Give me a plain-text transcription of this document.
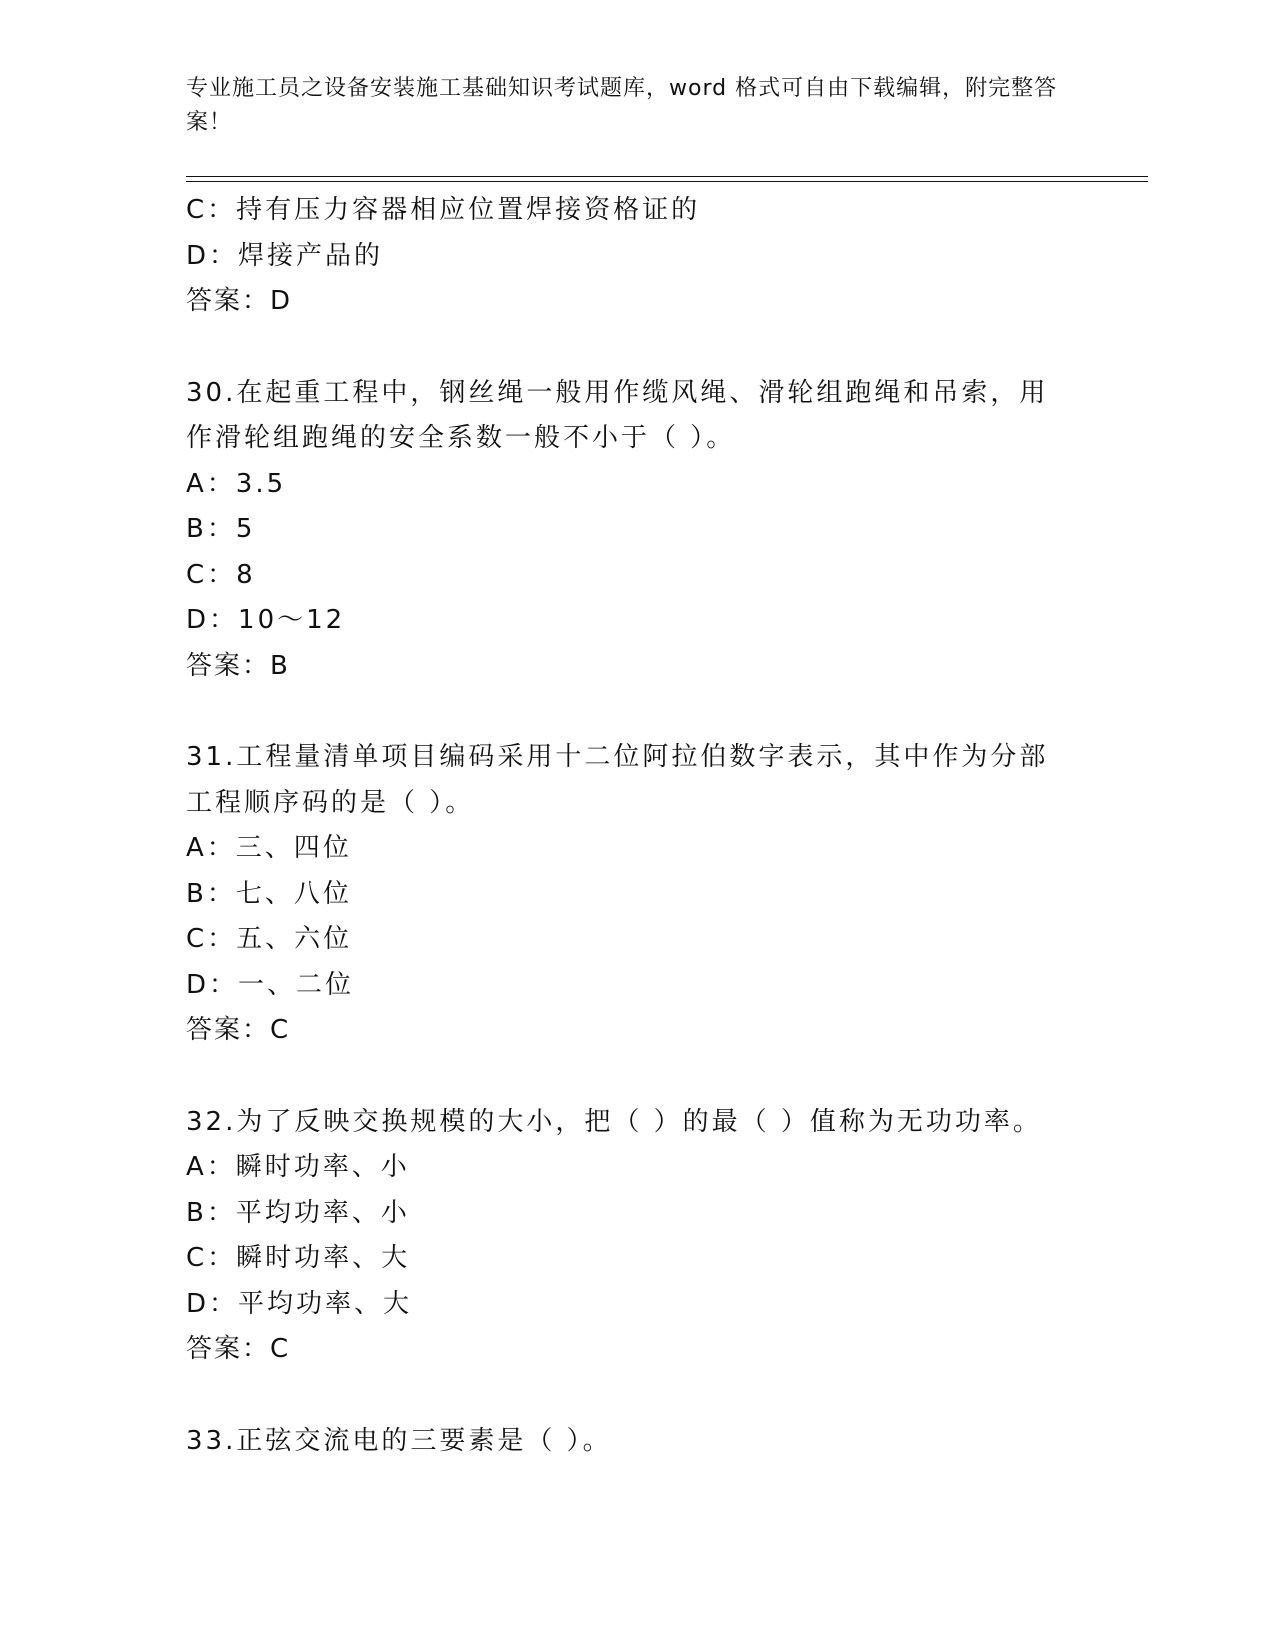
专业施工员之设备安装施工基础知识考试题库，word 格式可自由下载编辑，附完整答案！
C：持有压力容器相应位置焊接资格证的
D：焊接产品的
答案：D
30.在起重工程中，钢丝绳一般用作缆风绳、滑轮组跑绳和吊索，用作滑轮组跑绳的安全系数一般不小于（ ）。
A：3.5
B：5
C：8
D：10～12
答案：B
31.工程量清单项目编码采用十二位阿拉伯数字表示，其中作为分部工程顺序码的是（ ）。
A：三、四位
B：七、八位
C：五、六位
D：一、二位
答案：C
32.为了反映交换规模的大小，把（ ）的最（ ）值称为无功功率。
A：瞬时功率、小
B：平均功率、小
C：瞬时功率、大
D：平均功率、大
答案：C
33.正弦交流电的三要素是（ ）。
